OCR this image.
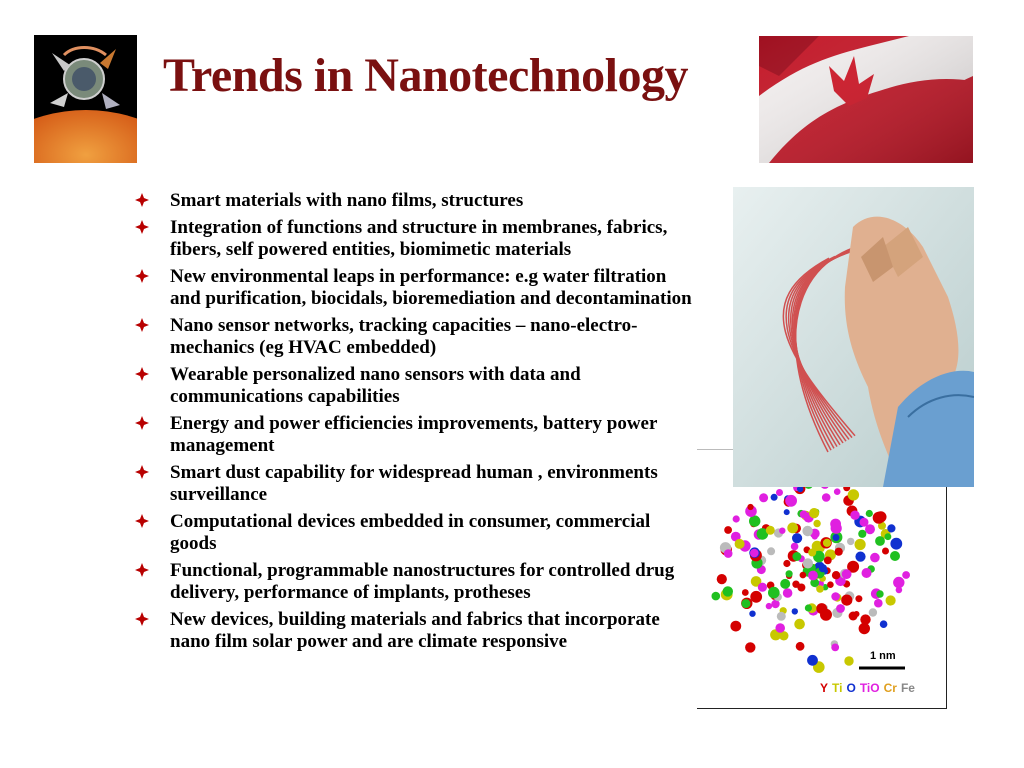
Trends in Nanotechnology
Smart materials with nano films, structures
Integration of functions and structure in membranes, fabrics, fibers, self powered entities, biomimetic materials
New environmental leaps in performance: e.g water filtration and purification, biocidals, bioremediation and decontamination
Nano sensor networks, tracking capacities – nano-electro-mechanics (eg HVAC embedded)
Wearable personalized nano sensors with data and communications capabilities
Energy and power efficiencies improvements, battery power management
Smart dust capability for widespread human , environments surveillance
Computational devices embedded in consumer, commercial goods
Functional, programmable nanostructures for controlled drug delivery, performance of implants, protheses
New devices, building materials and fabrics that incorporate nano film solar power and are climate responsive
1 nm
Y Ti O TiO Cr Fe
